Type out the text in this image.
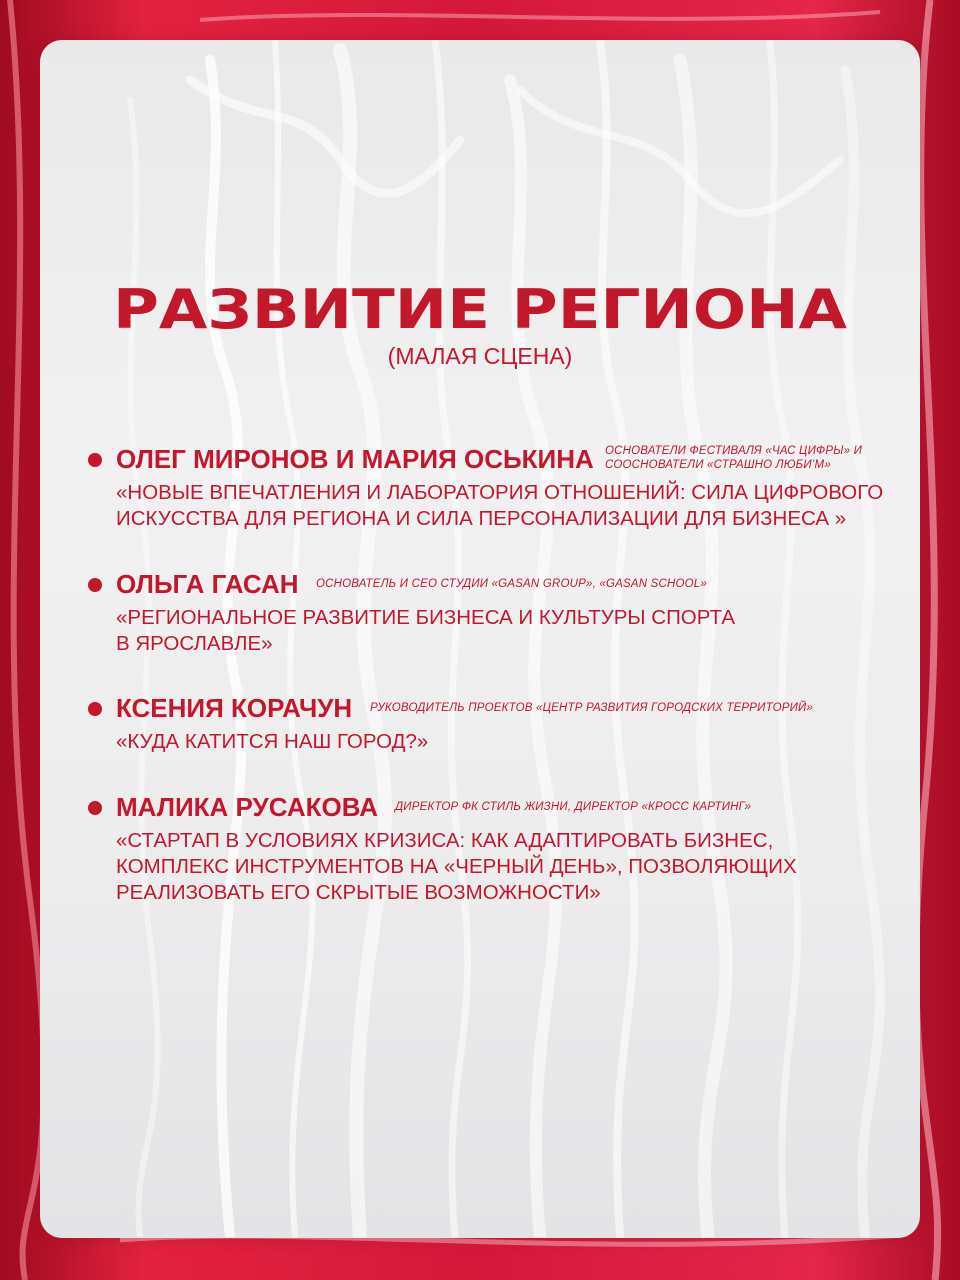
РАЗВИТИЕ РЕГИОНА
(МАЛАЯ СЦЕНА)
ОЛЕГ МИРОНОВ И МАРИЯ ОСЬКИНА ОСНОВАТЕЛИ ФЕСТИВАЛЯ «ЧАС ЦИФРЫ» И
СООСНОВАТЕЛИ «СТРАШНО ЛЮБИ’М»
«НОВЫЕ ВПЕЧАТЛЕНИЯ И ЛАБОРАТОРИЯ ОТНОШЕНИЙ: СИЛА ЦИФРОВОГО
ИСКУССТВА ДЛЯ РЕГИОНА И СИЛА ПЕРСОНАЛИЗАЦИИ ДЛЯ БИЗНЕСА »
ОЛЬГА ГАСАН ОСНОВАТЕЛЬ И CEO СТУДИИ «GASAN GROUP», «GASAN SCHOOL»
«РЕГИОНАЛЬНОЕ РАЗВИТИЕ БИЗНЕСА И КУЛЬТУРЫ СПОРТА
В ЯРОСЛАВЛЕ»
КСЕНИЯ КОРАЧУН РУКОВОДИТЕЛЬ ПРОЕКТОВ «ЦЕНТР РАЗВИТИЯ ГОРОДСКИХ ТЕРРИТОРИЙ»
«КУДА КАТИТСЯ НАШ ГОРОД?»
МАЛИКА РУСАКОВА ДИРЕКТОР ФК СТИЛЬ ЖИЗНИ, ДИРЕКТОР «КРОСС КАРТИНГ»
«СТАРТАП В УСЛОВИЯХ КРИЗИСА: КАК АДАПТИРОВАТЬ БИЗНЕС,
КОМПЛЕКС ИНСТРУМЕНТОВ НА «ЧЕРНЫЙ ДЕНЬ», ПОЗВОЛЯЮЩИХ
РЕАЛИЗОВАТЬ ЕГО СКРЫТЫЕ ВОЗМОЖНОСТИ»
